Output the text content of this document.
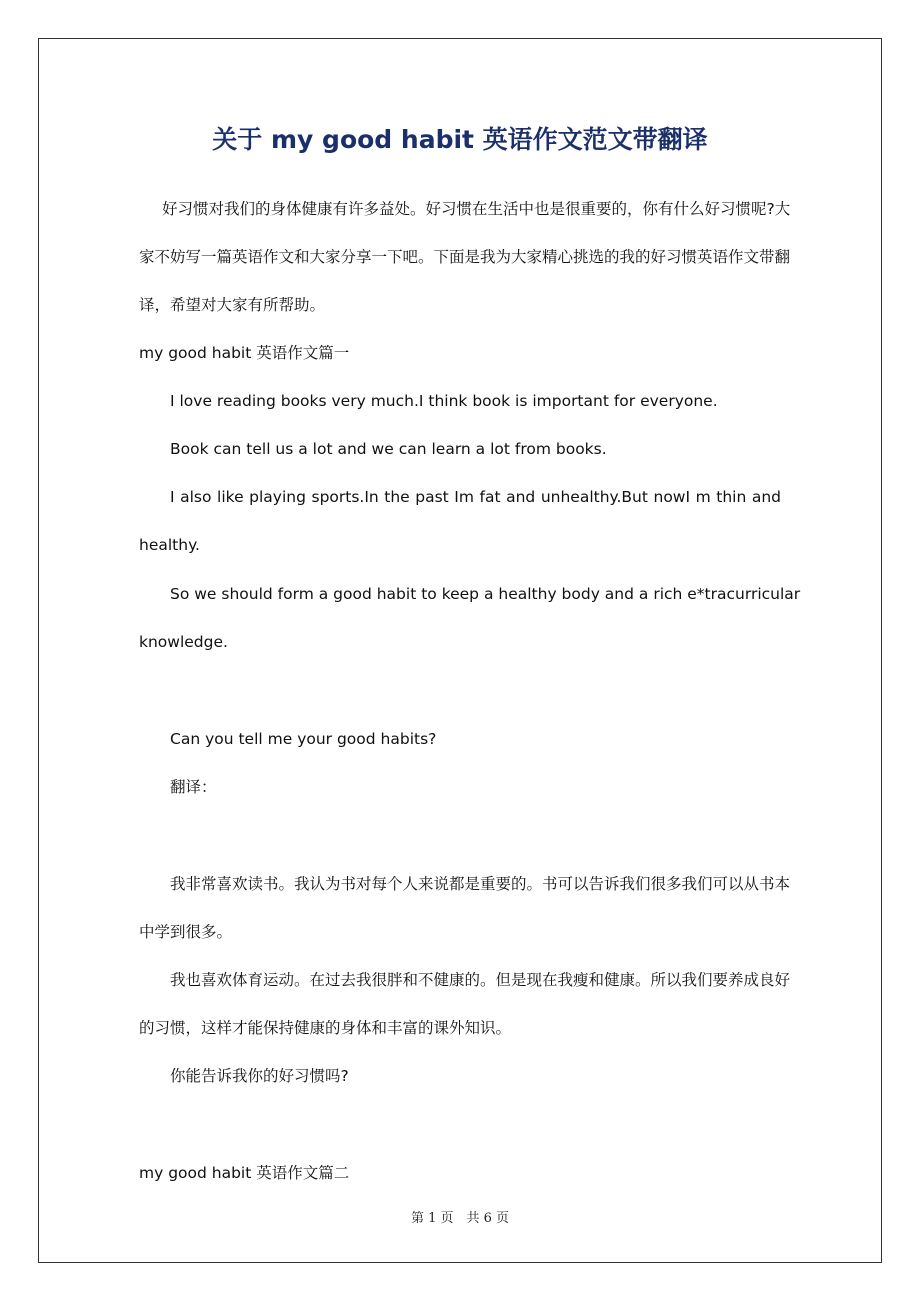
关于 my good habit 英语作文范文带翻译
好习惯对我们的身体健康有许多益处。好习惯在生活中也是很重要的，你有什么好习惯呢?大
家不妨写一篇英语作文和大家分享一下吧。下面是我为大家精心挑选的我的好习惯英语作文带翻
译，希望对大家有所帮助。
my good habit 英语作文篇一
I love reading books very much.I think book is important for everyone.
Book can tell us a lot and we can learn a lot from books.
I also like playing sports.In the past Im fat and unhealthy.But nowI m thin and
healthy.
So we should form a good habit to keep a healthy body and a rich e*tracurricular
knowledge.
Can you tell me your good habits?
翻译：
我非常喜欢读书。我认为书对每个人来说都是重要的。书可以告诉我们很多我们可以从书本
中学到很多。
我也喜欢体育运动。在过去我很胖和不健康的。但是现在我瘦和健康。所以我们要养成良好
的习惯，这样才能保持健康的身体和丰富的课外知识。
你能告诉我你的好习惯吗?
my good habit 英语作文篇二
第 1 页　共 6 页
